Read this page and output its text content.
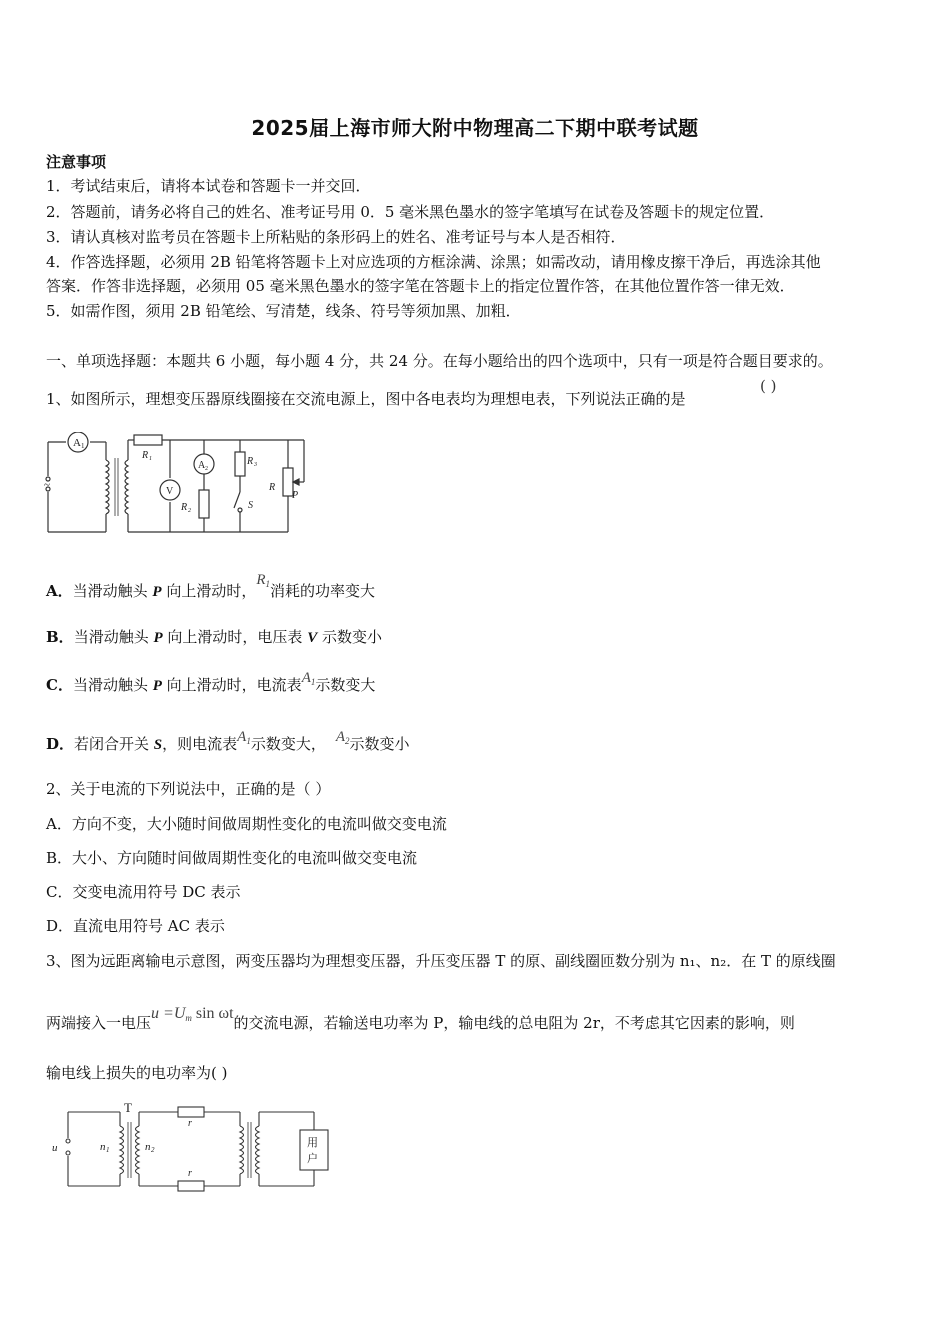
2025届上海市师大附中物理高二下期中联考试题
注意事项
1．考试结束后，请将本试卷和答题卡一并交回．
2．答题前，请务必将自己的姓名、准考证号用 0．5 毫米黑色墨水的签字笔填写在试卷及答题卡的规定位置．
3．请认真核对监考员在答题卡上所粘贴的条形码上的姓名、准考证号与本人是否相符．
4．作答选择题，必须用 2B 铅笔将答题卡上对应选项的方框涂满、涂黑；如需改动，请用橡皮擦干净后，再选涂其他
答案．作答非选择题，必须用 05 毫米黑色墨水的签字笔在答题卡上的指定位置作答，在其他位置作答一律无效．
5．如需作图，须用 2B 铅笔绘、写清楚，线条、符号等须加黑、加粗．
一、单项选择题：本题共 6 小题，每小题 4 分，共 24 分。在每小题给出的四个选项中，只有一项是符合题目要求的。
1、如图所示，理想变压器原线圈接在交流电源上，图中各电表均为理想电表，下列说法正确的是
( )
A 1
~
R 1
V
A 2
R 2
R 3
S
R
P
A．当滑动触头 P 向上滑动时，$R_1$消耗的功率变大
B．当滑动触头 P 向上滑动时，电压表 V 示数变小
C．当滑动触头 P 向上滑动时，电流表$A_1$示数变大
D．若闭合开关 S，则电流表$A_1$示数变大， $A_2$示数变小
2、关于电流的下列说法中，正确的是（ ）
A．方向不变，大小随时间做周期性变化的电流叫做交变电流
B．大小、方向随时间做周期性变化的电流叫做交变电流
C．交变电流用符号 DC 表示
D．直流电用符号 AC 表示
3、图为远距离输电示意图，两变压器均为理想变压器，升压变压器 T 的原、副线圈匝数分别为 n₁、n₂．在 T 的原线圈
两端接入一电压$u =U_m$ sin ωt的交流电源，若输送电功率为 P，输电线的总电阻为 2r，不考虑其它因素的影响，则
输电线上损失的电功率为( )
T
u	n 1	n 2
r
r
用
户
